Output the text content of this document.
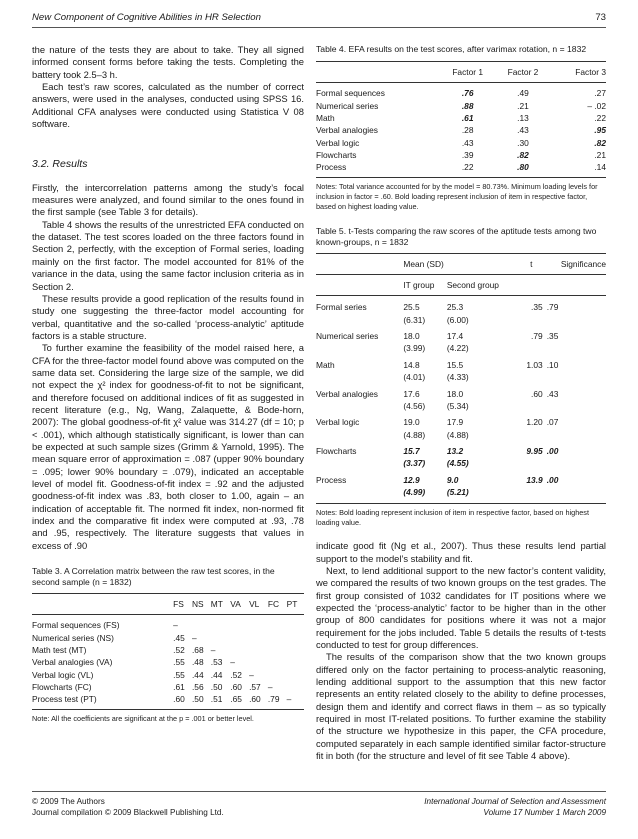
New Component of Cognitive Abilities in HR Selection	73

the nature of the tests they are about to take. They all signed informed consent forms before taking the tests. Completing the battery took 2.5–3 h.

Each test’s raw scores, calculated as the number of correct answers, were used in the analyses, conducted using SPSS 16. Additional CFA analyses were conducted using Statistica V 08 software.

3.2. Results

Firstly, the intercorrelation patterns among the study’s focal measures were analyzed, and found similar to the ones found in the first sample (see Table 3 for details).

Table 4 shows the results of the unrestricted EFA conducted on the dataset. The test scores loaded on the three factors found in Section 2, perfectly, with the exception of Formal series, loading mainly on the first factor. The model accounted for 81% of the variance in the data, using the same factor inclusion criteria as in Section 2.

These results provide a good replication of the results found in study one suggesting the three-factor model accounting for verbal, quantitative and the so-called ‘process-analytic’ aptitude factors is a stable structure.

To further examine the feasibility of the model raised here, a CFA for the three-factor model found above was computed on the same data set. Considering the large size of the sample, we did not expect the χ² index for goodness-of-fit to not be significant, and therefore focused on additional indices of fit as suggested in recent literature (e.g., Ng, Wang, Zalaquette, & Bode-horn, 2007): The global goodness-of-fit χ² value was 314.27 (df = 10; p < .001), which although statistically significant, is lower than can be expected at such sample sizes (Grimm & Yarnold, 1995). The mean square error of approximation = .087 (upper 90% boundary = .095; lower 90% boundary = .079), indicated an acceptable level of model fit. Goodness-of-fit index = .92 and the adjusted goodness-of-fit index was .83, both closer to 1.00, again – an indication of acceptable fit. The normed fit index, non-normed fit index and the comparative fit index were computed at .93, .78 and .95, respectively. The literature suggests that values in excess of .90

Table 3. A Correlation matrix between the raw test scores, in the second sample (n = 1832)
	FS	NS	MT	VA	VL	FC	PT
Formal sequences (FS)	–						
Numerical series (NS)	.45	–					
Math test (MT)	.52	.68	–				
Verbal analogies (VA)	.55	.48	.53	–			
Verbal logic (VL)	.55	.44	.44	.52	–		
Flowcharts (FC)	.61	.56	.50	.60	.57	–	
Process test (PT)	.60	.50	.51	.65	.60	.79	–
Note: All the coefficients are significant at the p = .001 or better level.
Table 4. EFA results on the test scores, after varimax rotation, n = 1832
	Factor 1	Factor 2	Factor 3
Formal sequences	.76	.49	.27
Numerical series	.88	.21	– .02
Math	.61	.13	.22
Verbal analogies	.28	.43	.95
Verbal logic	.43	.30	.82
Flowcharts	.39	.82	.21
Process	.22	.80	.14
Notes: Total variance accounted for by the model = 80.73%. Minimum loading levels for inclusion in factor = .60. Bold loading represent inclusion of item in respective factor, based on highest loading value.
Table 5. t-Tests comparing the raw scores of the aptitude tests among two known-groups, n = 1832
	Mean (SD)		t	Significance
	IT group	Second group		
Formal series	25.5	25.3	.35	.79
	(6.31)	(6.00)		
Numerical series	18.0	17.4	.79	.35
	(3.99)	(4.22)		
Math	14.8	15.5	1.03	.10
	(4.01)	(4.33)		
Verbal analogies	17.6	18.0	.60	.43
	(4.56)	(5.34)		
Verbal logic	19.0	17.9	1.20	.07
	(4.88)	(4.88)		
Flowcharts	15.7	13.2	9.95	.00
	(3.37)	(4.55)		
Process	12.9	9.0	13.9	.00
	(4.99)	(5.21)		
Notes: Bold loading represent inclusion of item in respective factor, based on highest loading value.

indicate good fit (Ng et al., 2007). Thus these results lend partial support to the model’s stability and fit.

Next, to lend additional support to the new factor’s content validity, we compared the results of two known groups on the test grades. The first group consisted of 1032 candidates for IT positions where we expected the ‘process-analytic’ factor to be higher than in the other group of 800 candidates for positions where it was not a major requirement for the jobs included. Table 5 details the results of t-tests conducted to test for group differences.

The results of the comparison show that the two known groups differed only on the factor pertaining to process-analytic reasoning, lending additional support to the assumption that this new factor represents an entity related closely to the ability to define processes, design them and identify and correct flaws in them – as so typically required in most IT-related positions. To further examine the stability of the structure we hypothesize in this paper, the CFA procedure, computed separately in each sample identified similar factor-structure fit in both (for the structure and level of fit see Table 4 above).

© 2009 The Authors
Journal compilation © 2009 Blackwell Publishing Ltd.
International Journal of Selection and Assessment
Volume 17 Number 1 March 2009
